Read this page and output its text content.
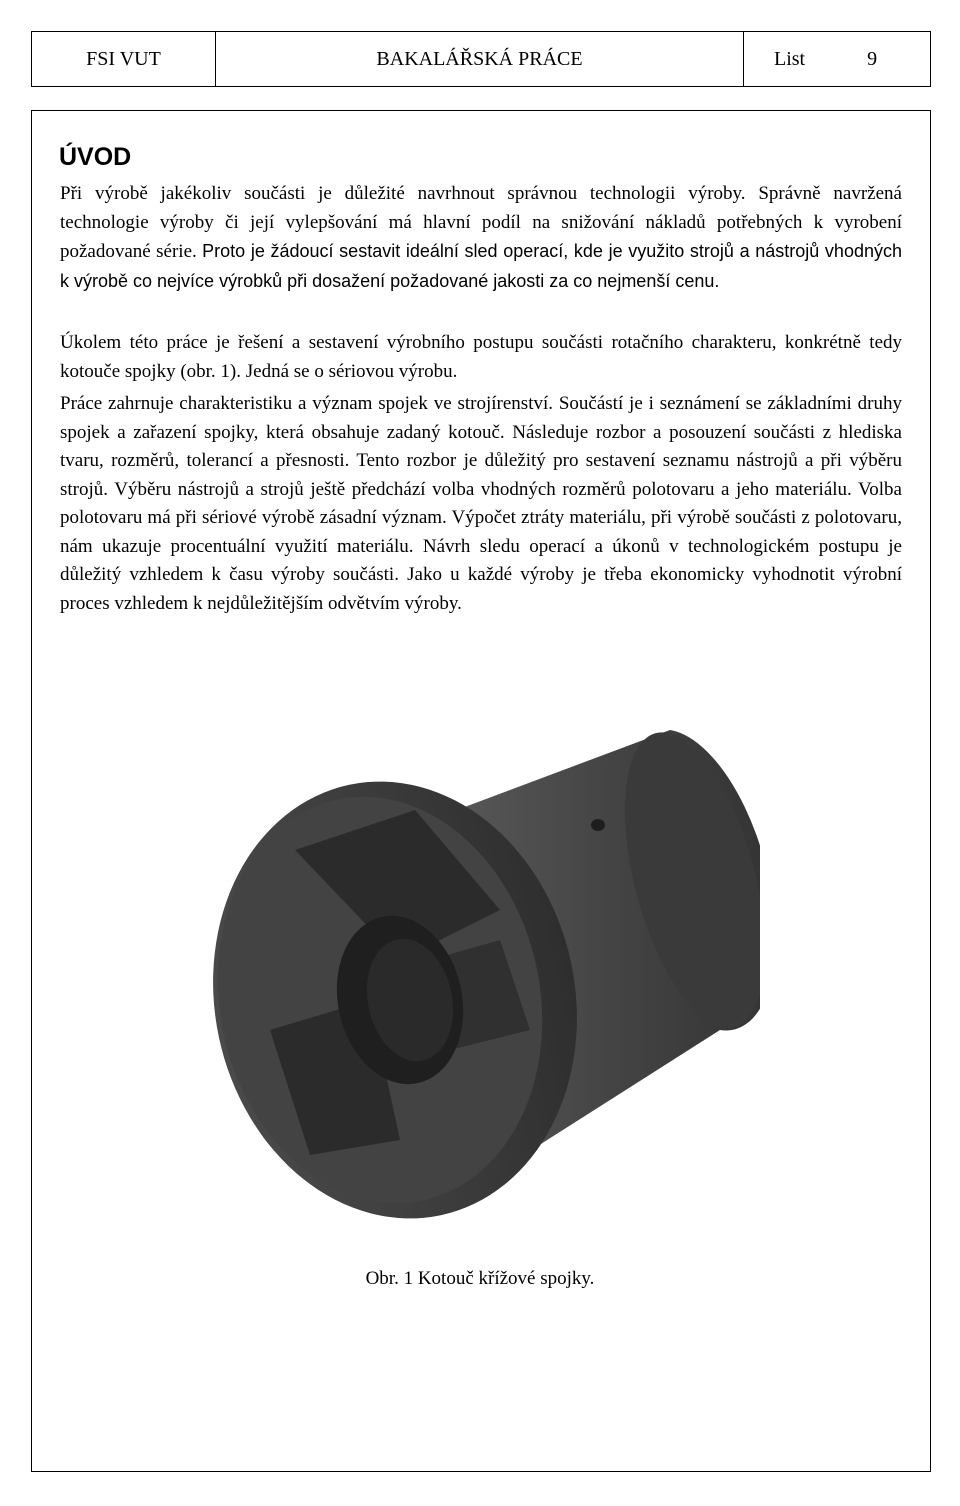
FSI VUT	BAKALÁŘSKÁ PRÁCE	List	9
ÚVOD

Při výrobě jakékoliv součásti je důležité navrhnout správnou technologii výroby. Správně navržená technologie výroby či její vylepšování má hlavní podíl na snižování nákladů potřebných k vyrobení požadované série. Proto je žádoucí sestavit ideální sled operací, kde je využito strojů a nástrojů vhodných k výrobě co nejvíce výrobků při dosažení požadované jakosti za co nejmenší cenu.

Úkolem této práce je řešení a sestavení výrobního postupu součásti rotačního charakteru, konkrétně tedy kotouče spojky (obr. 1). Jedná se o sériovou výrobu.

Práce zahrnuje charakteristiku a význam spojek ve strojírenství. Součástí je i seznámení se základními druhy spojek a zařazení spojky, která obsahuje zadaný kotouč. Následuje rozbor a posouzení součásti z hlediska tvaru, rozměrů, tolerancí a přesnosti. Tento rozbor je důležitý pro sestavení seznamu nástrojů a při výběru strojů. Výběru nástrojů a strojů ještě předchází volba vhodných rozměrů polotovaru a jeho materiálu. Volba polotovaru má při sériové výrobě zásadní význam. Výpočet ztráty materiálu, při výrobě součásti z polotovaru, nám ukazuje procentuální využití materiálu. Návrh sledu operací a úkonů v technologickém postupu je důležitý vzhledem k času výroby součásti. Jako u každé výroby je třeba ekonomicky vyhodnotit výrobní proces vzhledem k nejdůležitějším odvětvím výroby.

Obr. 1 Kotouč křížové spojky.
